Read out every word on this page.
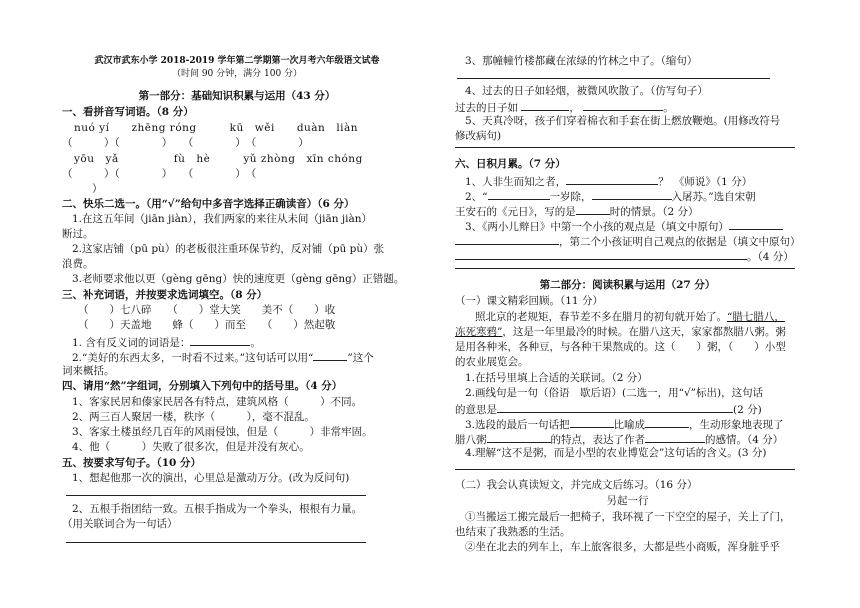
武汉市武东小学 2018-2019 学年第二学期第一次月考六年级语文试卷
（时间 90 分钟，满分 100 分）
第一部分：基础知识积累与运用（43 分）
一、看拼音写词语。（8 分）
nuó yí　　zhēng róng　　　kū　wěi　　duàn　liàn
（　　　）（　　　　）　　（　　　　）　（　　　　）
yōu　yǎ　　　　　fù　hè　　　yǔ zhòng　xīn chóng
（　　　）（　　　　）　　（　　　　）　（　　　　
）
二、快乐二选一。（用“√”给句中多音字选择正确读音）（6 分）
1.在这五年间（jiān jiàn），我们两家的来往从未间（jiān jiàn）
断过。
2.这家店铺（pū pù）的老板很注重环保节约，反对铺（pū pù）张
浪费。
3.老师要求他以更（gèng gēng）快的速度更（gèng gēng）正错题。
三、补充词语，并按要求选词填空。（8 分）
（　　）七八碎　　（　　）堂大笑　　美不（　　）收
（　　）天盖地　　蜂（　　）而至　　（　　）然起敬
1. 含有反义词的词语是：	。
2.“美好的东西太多，一时看不过来。”这句话可以用“	”这个
词来概括。
四、请用“然”字组词，分别填入下列句中的括号里。（4 分）
1、客家民居和傣家民居各有特点，建筑风格（　　　）不同。
2、两三百人聚居一楼，秩序（　　　），毫不混乱。
3、客家土楼虽经几百年的风雨侵蚀，但是（　　　）非常牢固。
4、他（　　　）失败了很多次，但是并没有灰心。
五、按要求写句子。（10 分）
1、想起他那一次的演出，心里总是激动万分。(改为反问句)
2、五根手指团结一致。五根手指成为一个拳头，根根有力量。
（用关联词合为一句话）
3、那幢幢竹楼都藏在浓绿的竹林之中了。（缩句）
4、过去的日子如轻烟，被微风吹散了。（仿写句子）
过去的日子如	，	。
5、天真冷呀，孩子们穿着棉衣和手套在街上燃放鞭炮。(用修改符号
修改病句)
六、日积月累。（7 分）
1、人非生而知之者，	？　《师说》（1 分）
2、“	一岁除，	入屠苏。”选自宋朝
王安石的《元日》，写的是	时的情景。（2 分）
3、《两小儿辩日》中第一个小孩的观点是（填文中原句）
，第二个小孩证明自己观点的依据是（填文中原句）
。（4 分）
第二部分：阅读积累与运用（27 分）
（一）课文精彩回顾。（11 分）
照北京的老规矩，春节差不多在腊月的初旬就开始了。“腊七腊八，
冻死寒鸦”，这是一年里最冷的时候。在腊八这天，家家都熬腊八粥。粥
是用各种米，各种豆，与各种干果熬成的。这（　　）粥，（　　）小型
的农业展览会。
1.在括号里填上合适的关联词。（2 分）
2.画线句是一句（俗语　歇后语）(二选一，用“√”标出)，这句话
的意思是	(2 分)
3.选段的最后一句话把	比喻成	，生动形象地表现了
腊八粥	的特点，表达了作者	的感情。（4 分）
4.理解“这不是粥，而是小型的农业博览会”这句话的含义。(3 分)
（二）我会认真读短文，并完成文后练习。（16 分）
另起一行
①当搬运工搬完最后一把椅子，我环视了一下空空的屋子，关上了门，
也结束了我熟悉的生活。
②坐在北去的列车上，车上旅客很多，大都是些小商贩，浑身脏乎乎
